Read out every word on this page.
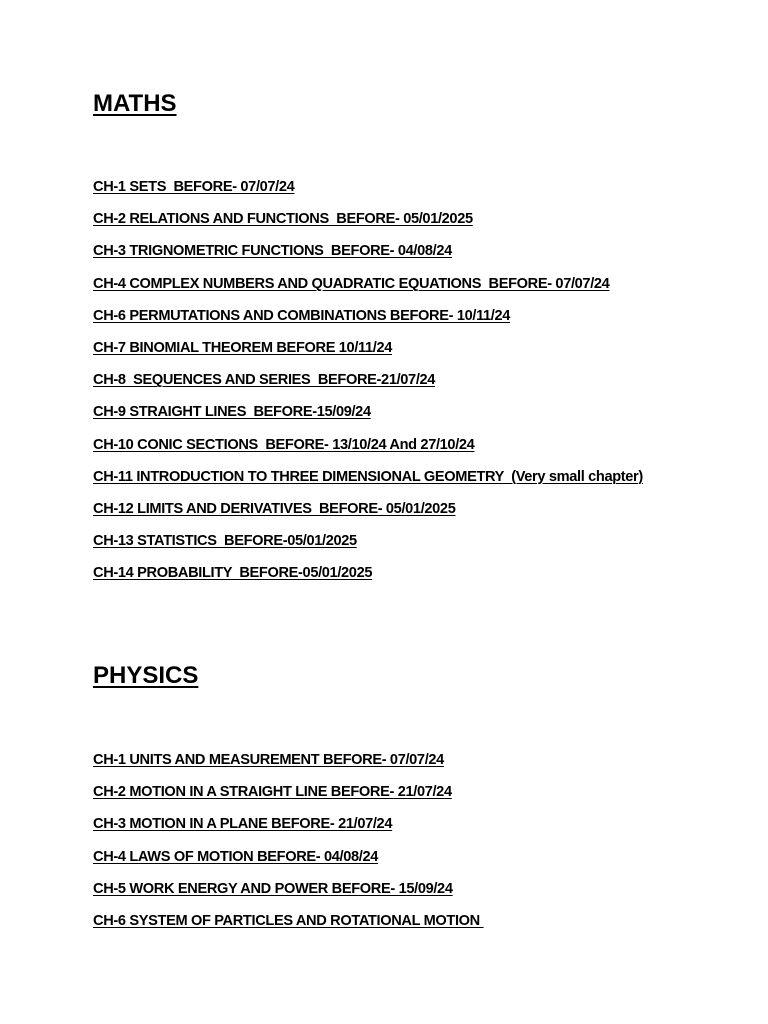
MATHS
CH-1 SETS  BEFORE- 07/07/24
CH-2 RELATIONS AND FUNCTIONS  BEFORE- 05/01/2025
CH-3 TRIGNOMETRIC FUNCTIONS  BEFORE- 04/08/24
CH-4 COMPLEX NUMBERS AND QUADRATIC EQUATIONS  BEFORE- 07/07/24
CH-6 PERMUTATIONS AND COMBINATIONS BEFORE- 10/11/24
CH-7 BINOMIAL THEOREM BEFORE 10/11/24
CH-8  SEQUENCES AND SERIES  BEFORE-21/07/24
CH-9 STRAIGHT LINES  BEFORE-15/09/24
CH-10 CONIC SECTIONS  BEFORE- 13/10/24 And 27/10/24
CH-11 INTRODUCTION TO THREE DIMENSIONAL GEOMETRY  (Very small chapter)
CH-12 LIMITS AND DERIVATIVES  BEFORE- 05/01/2025
CH-13 STATISTICS  BEFORE-05/01/2025
CH-14 PROBABILITY  BEFORE-05/01/2025
PHYSICS
CH-1 UNITS AND MEASUREMENT BEFORE- 07/07/24
CH-2 MOTION IN A STRAIGHT LINE BEFORE- 21/07/24
CH-3 MOTION IN A PLANE BEFORE- 21/07/24
CH-4 LAWS OF MOTION BEFORE- 04/08/24
CH-5 WORK ENERGY AND POWER BEFORE- 15/09/24
CH-6 SYSTEM OF PARTICLES AND ROTATIONAL MOTION
